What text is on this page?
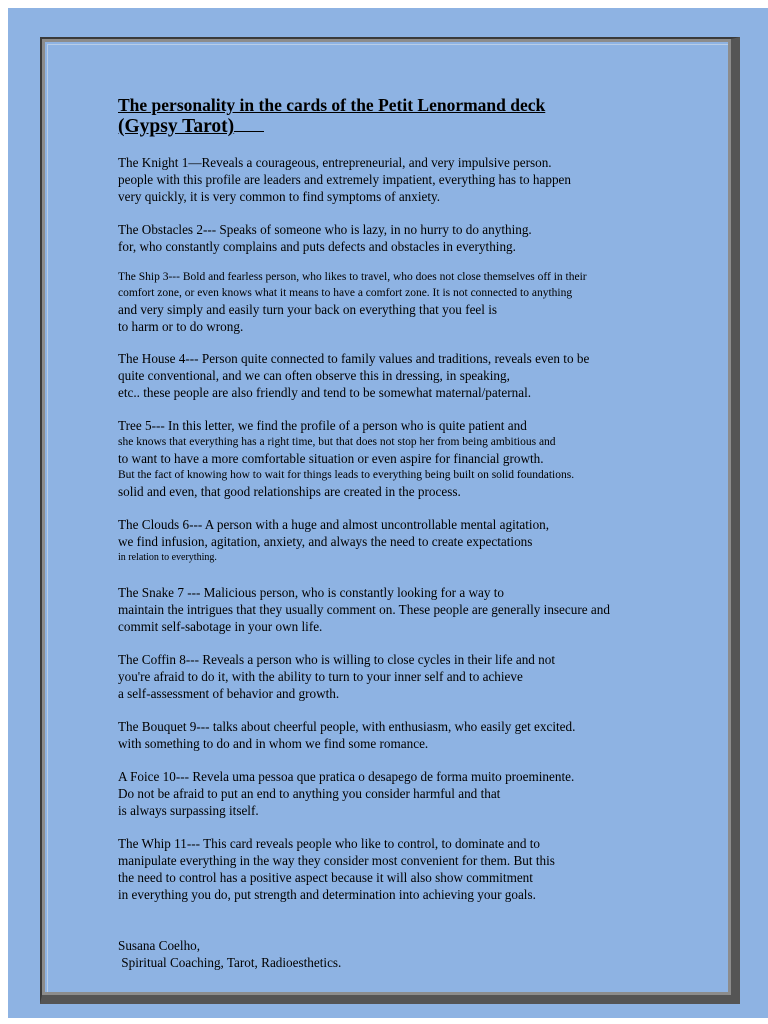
The personality in the cards of the Petit Lenormand deck
(Gypsy Tarot)

The Knight 1—Reveals a courageous, entrepreneurial, and very impulsive person.
people with this profile are leaders and extremely impatient, everything has to happen
very quickly, it is very common to find symptoms of anxiety.

The Obstacles 2--- Speaks of someone who is lazy, in no hurry to do anything.
for, who constantly complains and puts defects and obstacles in everything.

The Ship 3--- Bold and fearless person, who likes to travel, who does not close themselves off in their
comfort zone, or even knows what it means to have a comfort zone. It is not connected to anything
and very simply and easily turn your back on everything that you feel is
to harm or to do wrong.

The House 4--- Person quite connected to family values and traditions, reveals even to be
quite conventional, and we can often observe this in dressing, in speaking,
etc.. these people are also friendly and tend to be somewhat maternal/paternal.

Tree 5--- In this letter, we find the profile of a person who is quite patient and
she knows that everything has a right time, but that does not stop her from being ambitious and
to want to have a more comfortable situation or even aspire for financial growth.
But the fact of knowing how to wait for things leads to everything being built on solid foundations.
solid and even, that good relationships are created in the process.

The Clouds 6--- A person with a huge and almost uncontrollable mental agitation,
we find infusion, agitation, anxiety, and always the need to create expectations
in relation to everything.

The Snake 7 --- Malicious person, who is constantly looking for a way to
maintain the intrigues that they usually comment on. These people are generally insecure and
commit self-sabotage in your own life.

The Coffin 8--- Reveals a person who is willing to close cycles in their life and not
you're afraid to do it, with the ability to turn to your inner self and to achieve
a self-assessment of behavior and growth.

The Bouquet 9--- talks about cheerful people, with enthusiasm, who easily get excited.
with something to do and in whom we find some romance.

A Foice 10--- Revela uma pessoa que pratica o desapego de forma muito proeminente.
Do not be afraid to put an end to anything you consider harmful and that
is always surpassing itself.

The Whip 11--- This card reveals people who like to control, to dominate and to
manipulate everything in the way they consider most convenient for them. But this
the need to control has a positive aspect because it will also show commitment
in everything you do, put strength and determination into achieving your goals.

Susana Coelho,
Spiritual Coaching, Tarot, Radioesthetics.
